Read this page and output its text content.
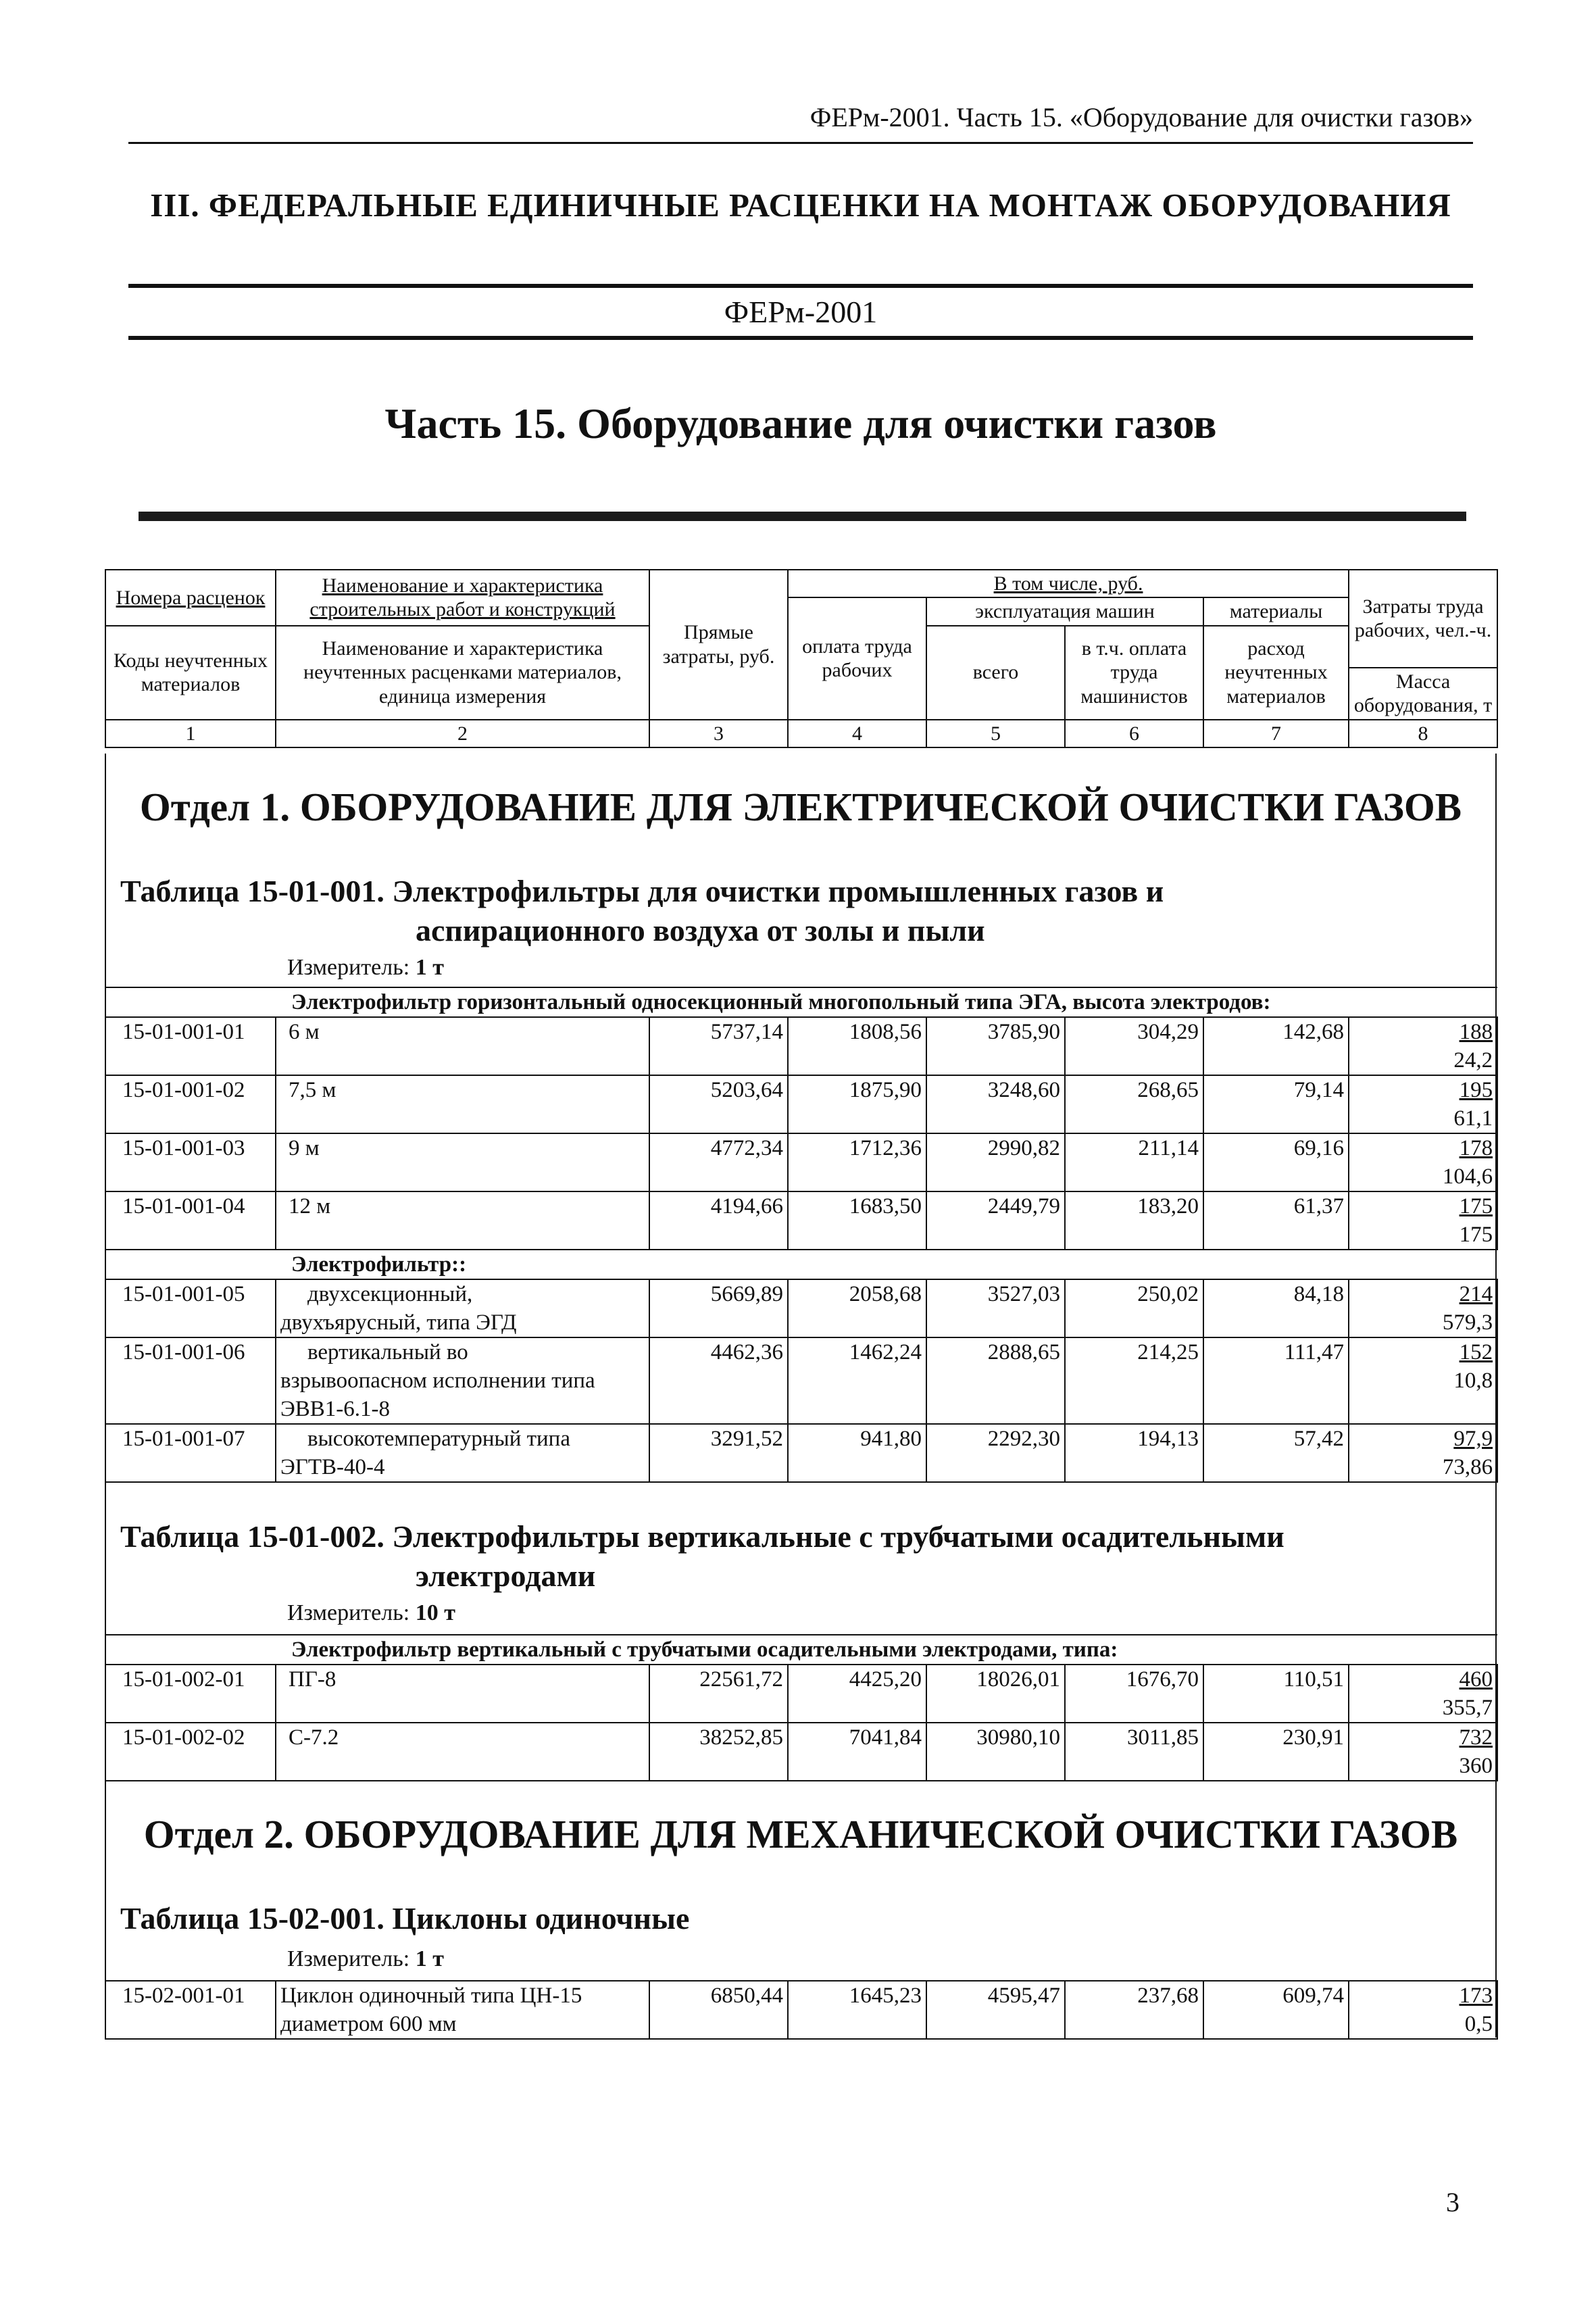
ФЕРм-2001. Часть 15. «Оборудование для очистки газов»
III. ФЕДЕРАЛЬНЫЕ ЕДИНИЧНЫЕ РАСЦЕНКИ НА МОНТАЖ ОБОРУДОВАНИЯ
ФЕРм-2001
Часть 15. Оборудование для очистки газов
Номера расценок	Наименование и характеристика строительных работ и конструкций	Прямые затраты, руб.	В том числе, руб.				Затраты труда рабочих, чел.-ч.
			оплата труда рабочих	эксплуатация машин		материалы	
Коды неучтенных материалов	Наименование и характеристика неучтенных расценками материалов, единица измерения			всего	в т.ч. оплата труда машинистов	расход неучтенных материалов	
							Масса оборудования, т
1	2	3	4	5	6	7	8
Отдел 1. ОБОРУДОВАНИЕ ДЛЯ ЭЛЕКТРИЧЕСКОЙ ОЧИСТКИ ГАЗОВ
Таблица 15-01-001. Электрофильтры для очистки промышленных газов и
аспирационного воздуха от золы и пыли
Измеритель: 1 т
	Электрофильтр горизонтальный односекционный многопольный типа ЭГА, высота электродов:						
15-01-001-01	6 м	5737,14	1808,56	3785,90	304,29	142,68	188
24,2

15-01-001-02	7,5 м	5203,64	1875,90	3248,60	268,65	79,14	195
61,1

15-01-001-03	9 м	4772,34	1712,36	2990,82	211,14	69,16	178
104,6

15-01-001-04	12 м	4194,66	1683,50	2449,79	183,20	61,37	175
175

	Электрофильтр::						
15-01-001-05	двухсекционный,
двухъярусный, типа ЭГД	5669,89	2058,68	3527,03	250,02	84,18	214
579,3

15-01-001-06	вертикальный во
взрывоопасном исполнении типа
ЭВВ1-6.1-8	4462,36	1462,24	2888,65	214,25	111,47	152
10,8

15-01-001-07	высокотемпературный типа
ЭГТВ-40-4	3291,52	941,80	2292,30	194,13	57,42	97,9
73,86
Таблица 15-01-002. Электрофильтры вертикальные с трубчатыми осадительными
электродами
Измеритель: 10 т
	Электрофильтр вертикальный с трубчатыми осадительными электродами, типа:						
15-01-002-01	ПГ-8	22561,72	4425,20	18026,01	1676,70	110,51	460
355,7

15-01-002-02	С-7.2	38252,85	7041,84	30980,10	3011,85	230,91	732
360
Отдел 2. ОБОРУДОВАНИЕ ДЛЯ МЕХАНИЧЕСКОЙ ОЧИСТКИ ГАЗОВ
Таблица 15-02-001. Циклоны одиночные
Измеритель: 1 т
15-02-001-01	Циклон одиночный типа ЦН-15
диаметром 600 мм
	6850,44	1645,23	4595,47	237,68	609,74	173
0,5
3
